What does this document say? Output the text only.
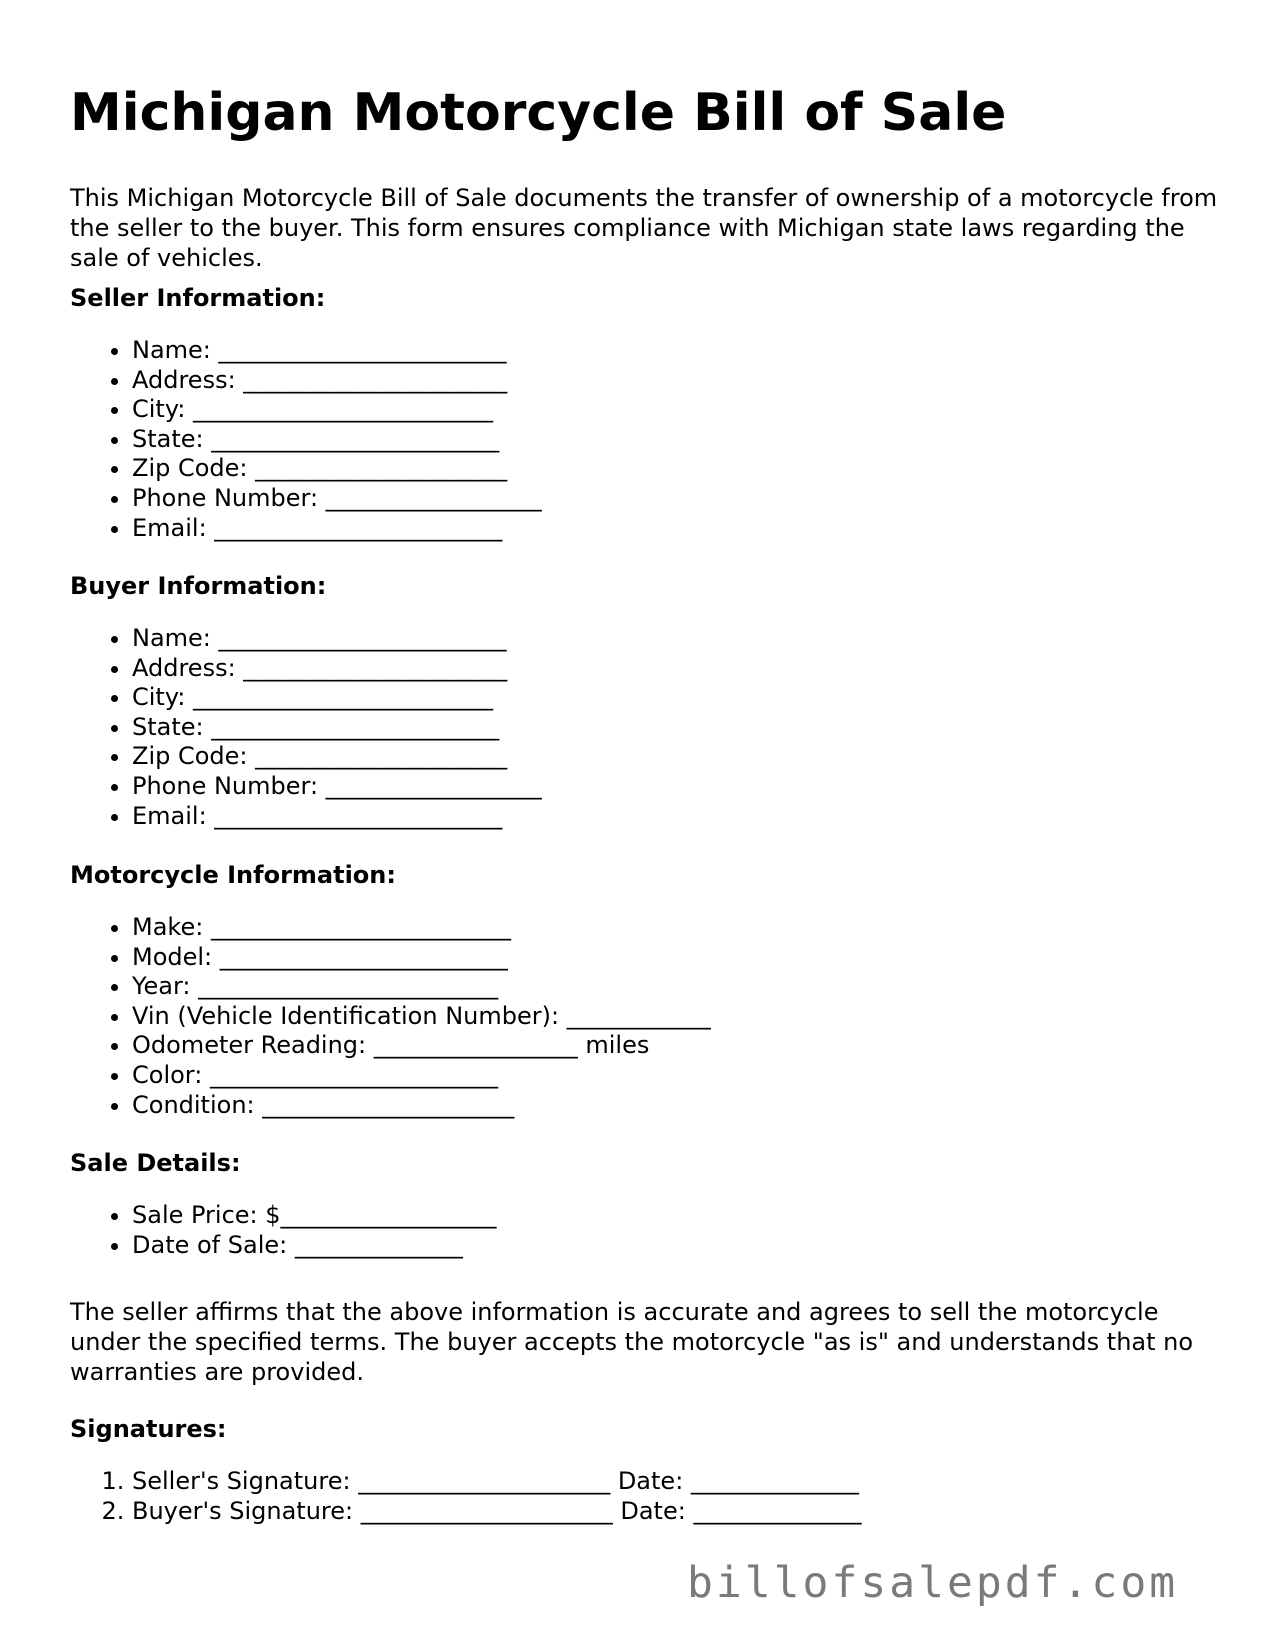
Michigan Motorcycle Bill of Sale

This Michigan Motorcycle Bill of Sale documents the transfer of ownership of a motorcycle from the seller to the buyer. This form ensures compliance with Michigan state laws regarding the sale of vehicles.

Seller Information:
• Name: ________________________
• Address: ______________________
• City: _________________________
• State: ________________________
• Zip Code: _____________________
• Phone Number: __________________
• Email: ________________________
Buyer Information:
• Name: ________________________
• Address: ______________________
• City: _________________________
• State: ________________________
• Zip Code: _____________________
• Phone Number: __________________
• Email: ________________________
Motorcycle Information:
• Make: _________________________
• Model: ________________________
• Year: _________________________
• Vin (Vehicle Identification Number): ____________
• Odometer Reading: _________________ miles
• Color: ________________________
• Condition: _____________________
Sale Details:
• Sale Price: $__________________
• Date of Sale: ______________

The seller affirms that the above information is accurate and agrees to sell the motorcycle under the specified terms. The buyer accepts the motorcycle "as is" and understands that no warranties are provided.

Signatures:
1. Seller's Signature: _____________________ Date: ______________
2. Buyer's Signature: _____________________ Date: ______________
billofsalepdf.com
